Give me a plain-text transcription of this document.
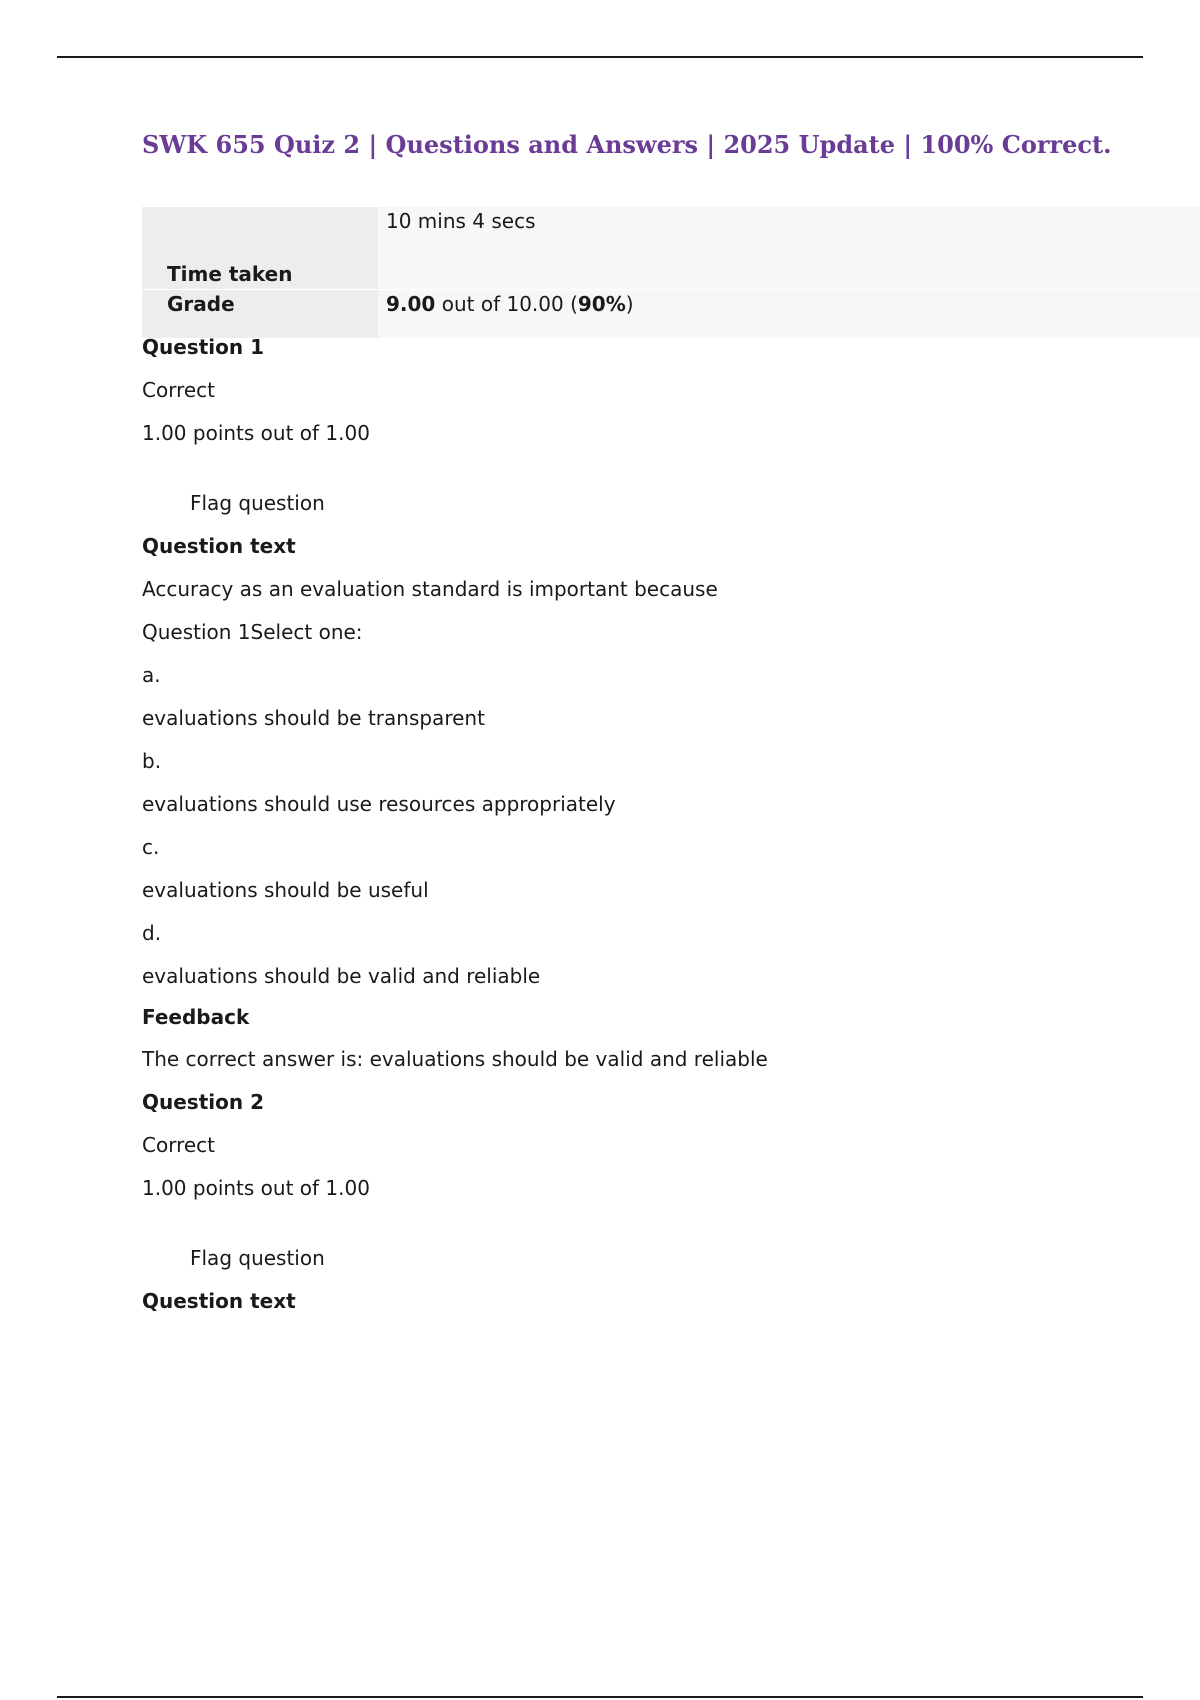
SWK 655 Quiz 2 | Questions and Answers | 2025 Update | 100% Correct.
Time taken	10 mins 4 secs
Grade	9.00 out of 10.00 (90%)

Question 1

Correct

1.00 points out of 1.00

Flag question

Question text

Accuracy as an evaluation standard is important because

Question 1Select one:

a.

evaluations should be transparent

b.

evaluations should use resources appropriately

c.

evaluations should be useful

d.

evaluations should be valid and reliable

Feedback

The correct answer is: evaluations should be valid and reliable

Question 2

Correct

1.00 points out of 1.00

Flag question

Question text
